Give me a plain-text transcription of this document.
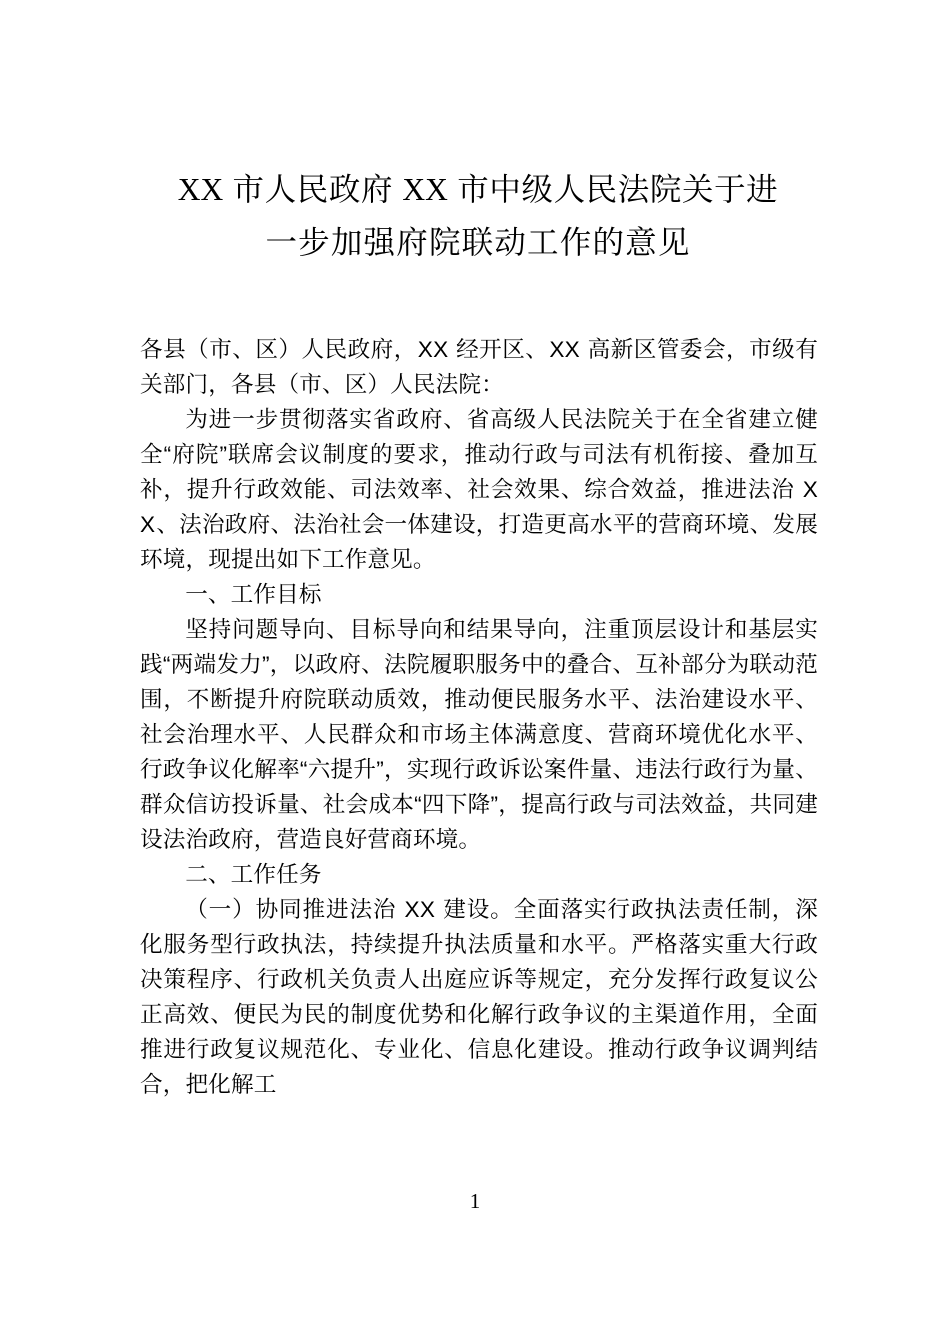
XX 市人民政府 XX 市中级人民法院关于进
一步加强府院联动工作的意见

各县（市、区）人民政府，XX 经开区、XX 高新区管委会，市级有关部门，各县（市、区）人民法院：

为进一步贯彻落实省政府、省高级人民法院关于在全省建立健全“府院”联席会议制度的要求，推动行政与司法有机衔接、叠加互补，提升行政效能、司法效率、社会效果、综合效益，推进法治 XX、法治政府、法治社会一体建设，打造更高水平的营商环境、发展环境，现提出如下工作意见。

一、工作目标

坚持问题导向、目标导向和结果导向，注重顶层设计和基层实践“两端发力”，以政府、法院履职服务中的叠合、互补部分为联动范围，不断提升府院联动质效，推动便民服务水平、法治建设水平、社会治理水平、人民群众和市场主体满意度、营商环境优化水平、行政争议化解率“六提升”，实现行政诉讼案件量、违法行政行为量、群众信访投诉量、社会成本“四下降”，提高行政与司法效益，共同建设法治政府，营造良好营商环境。

二、工作任务

（一）协同推进法治 XX 建设。全面落实行政执法责任制，深化服务型行政执法，持续提升执法质量和水平。严格落实重大行政决策程序、行政机关负责人出庭应诉等规定，充分发挥行政复议公正高效、便民为民的制度优势和化解行政争议的主渠道作用，全面推进行政复议规范化、专业化、信息化建设。推动行政争议调判结合，把化解工

1
